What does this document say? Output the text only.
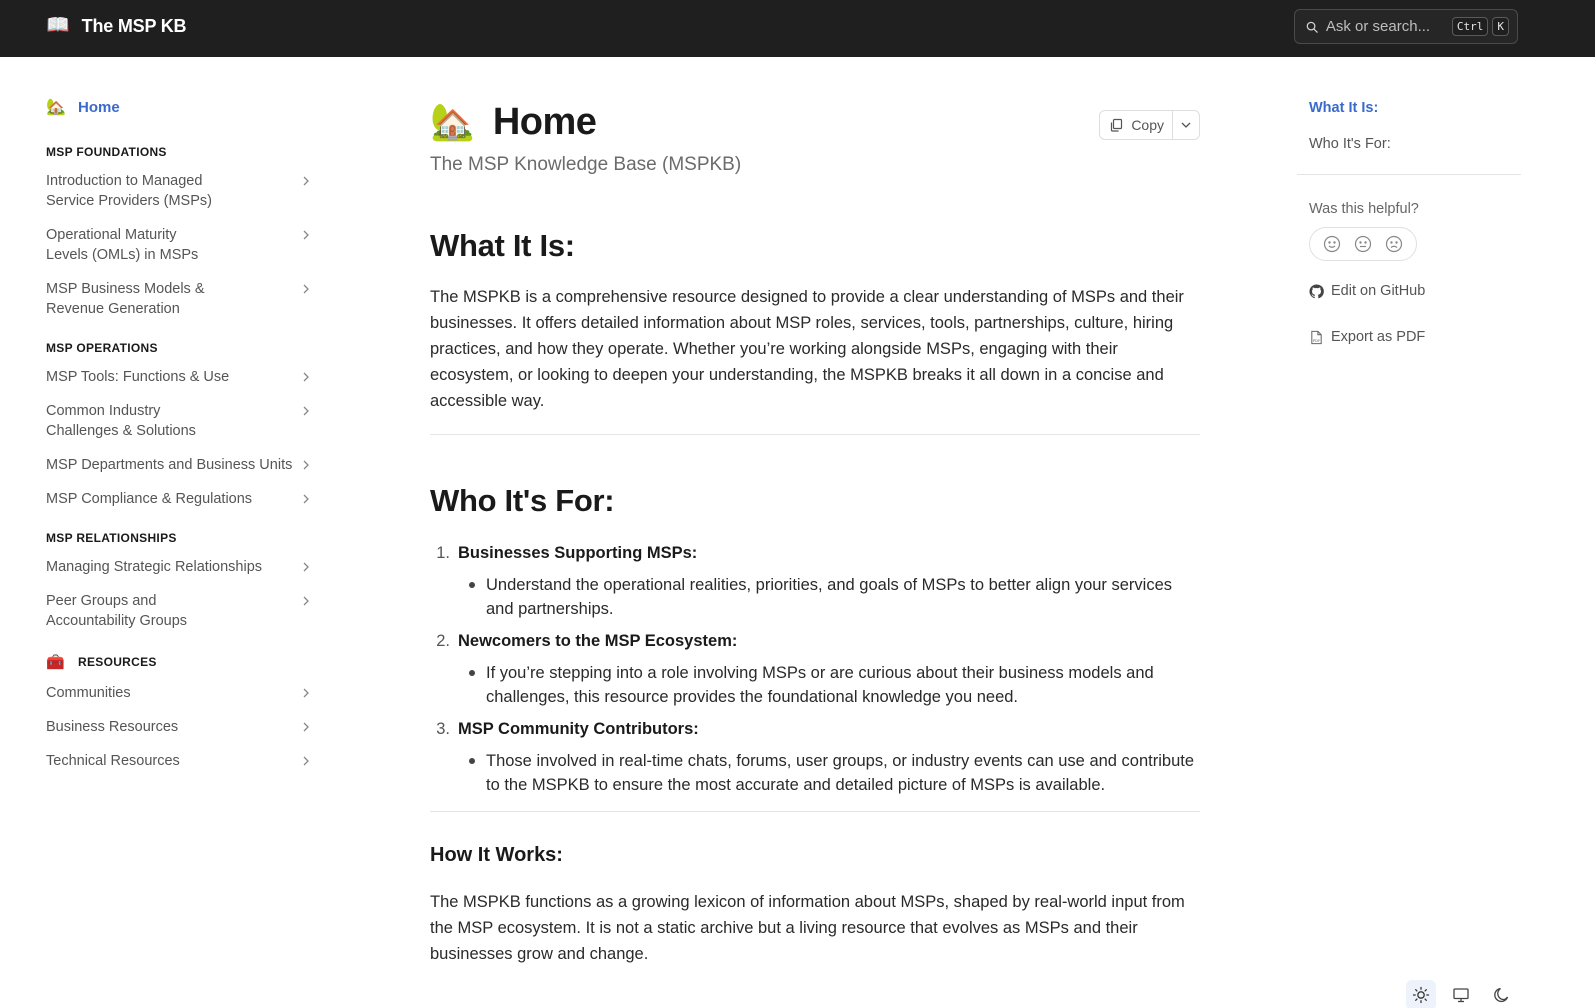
📖 The MSP KB
Ask or search...	Ctrl	K
🏡 Home
MSP FOUNDATIONS
Introduction to Managed Service Providers (MSPs)
Operational Maturity Levels (OMLs) in MSPs
MSP Business Models & Revenue Generation
MSP OPERATIONS
MSP Tools: Functions & Use
Common Industry Challenges & Solutions
MSP Departments and Business Units
MSP Compliance & Regulations
MSP RELATIONSHIPS
Managing Strategic Relationships
Peer Groups and Accountability Groups
🧰 RESOURCES
Communities
Business Resources
Technical Resources
🏡 Home	Copy

The MSP Knowledge Base (MSPKB)

What It Is:

The MSPKB is a comprehensive resource designed to provide a clear understanding of MSPs and their businesses. It offers detailed information about MSP roles, services, tools, partnerships, culture, hiring practices, and how they operate. Whether you’re working alongside MSPs, engaging with their ecosystem, or looking to deepen your understanding, the MSPKB breaks it all down in a concise and accessible way.

Who It's For:
1. Businesses Supporting MSPs:
Understand the operational realities, priorities, and goals of MSPs to better align your services and partnerships.
2. Newcomers to the MSP Ecosystem:
If you’re stepping into a role involving MSPs or are curious about their business models and challenges, this resource provides the foundational knowledge you need.
3. MSP Community Contributors:
Those involved in real-time chats, forums, user groups, or industry events can use and contribute to the MSPKB to ensure the most accurate and detailed picture of MSPs is available.
How It Works:

The MSPKB functions as a growing lexicon of information about MSPs, shaped by real-world input from the MSP ecosystem. It is not a static archive but a living resource that evolves as MSPs and their businesses grow and change.

What It Is:
Who It's For:
Was this helpful?
Edit on GitHub
PDF Export as PDF
